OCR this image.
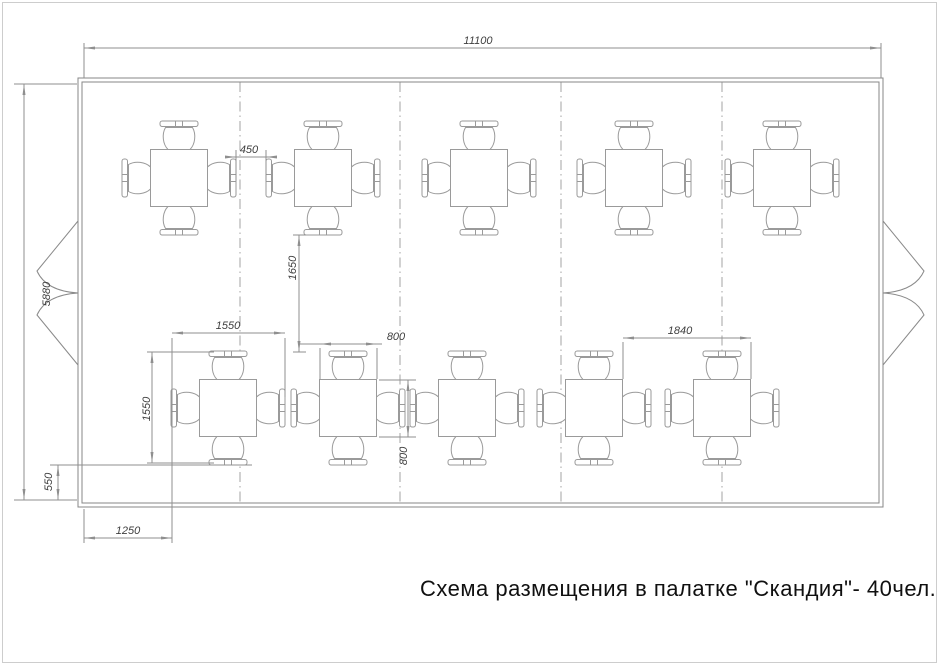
11100
5880
450
1650
1550
1550
800
800
1840
550
1250
Схема размещения в палатке "Скандия"- 40чел.
